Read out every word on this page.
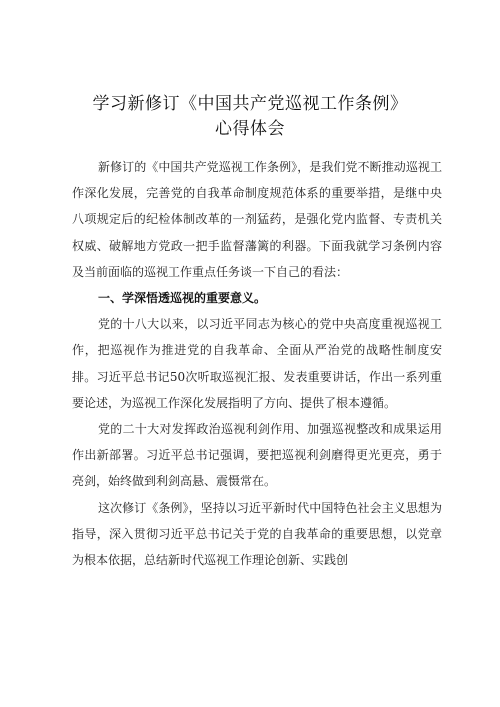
学习新修订《中国共产党巡视工作条例》
心得体会

新修订的《中国共产党巡视工作条例》，是我们党不断推动巡视工作深化发展，完善党的自我革命制度规范体系的重要举措，是继中央八项规定后的纪检体制改革的一剂猛药，是强化党内监督、专责机关权威、破解地方党政一把手监督藩篱的利器。下面我就学习条例内容及当前面临的巡视工作重点任务谈一下自己的看法：

一、学深悟透巡视的重要意义。

党的十八大以来，以习近平同志为核心的党中央高度重视巡视工作，把巡视作为推进党的自我革命、全面从严治党的战略性制度安排。习近平总书记50次听取巡视汇报、发表重要讲话，作出一系列重要论述，为巡视工作深化发展指明了方向、提供了根本遵循。

党的二十大对发挥政治巡视利剑作用、加强巡视整改和成果运用作出新部署。习近平总书记强调，要把巡视利剑磨得更光更亮，勇于亮剑，始终做到利剑高悬、震慑常在。

这次修订《条例》，坚持以习近平新时代中国特色社会主义思想为指导，深入贯彻习近平总书记关于党的自我革命的重要思想，以党章为根本依据，总结新时代巡视工作理论创新、实践创
